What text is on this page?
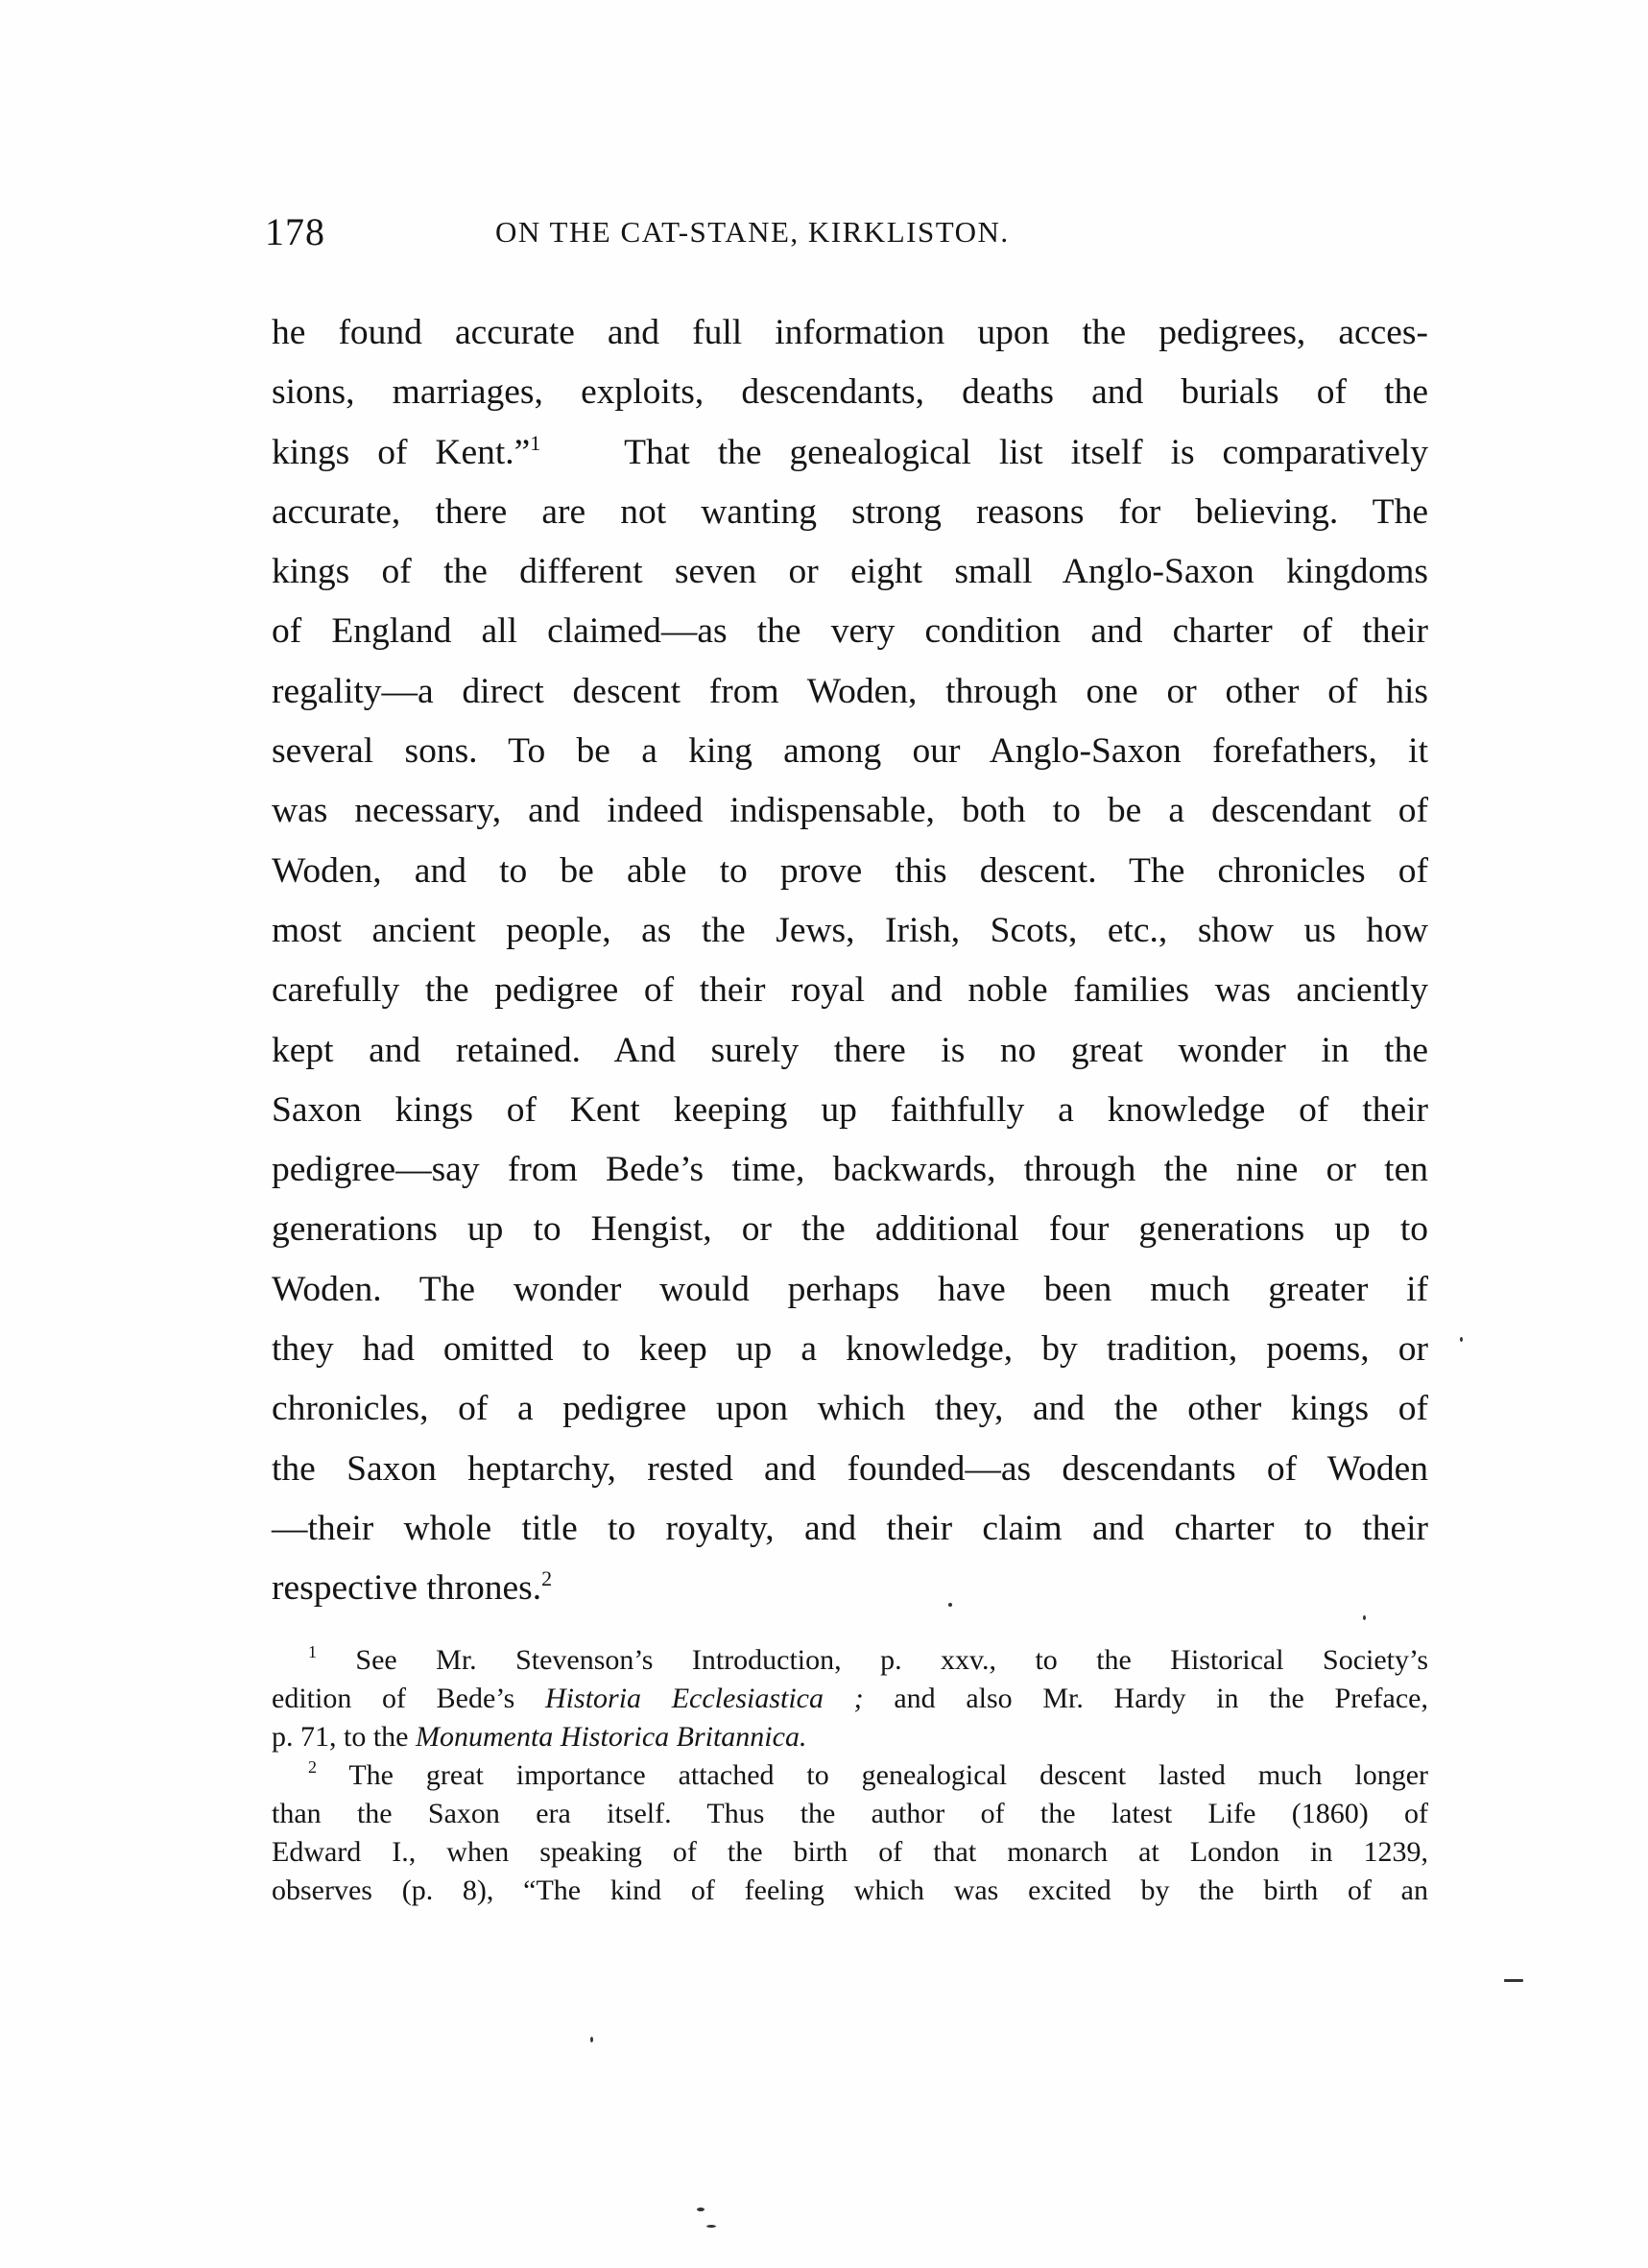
178	ON THE CAT-STANE, KIRKLISTON.
he found accurate and full information upon the pedigrees, acces-
sions, marriages, exploits, descendants, deaths and burials of the
kings of Kent.”$^1$ That the genealogical list itself is comparatively
accurate, there are not wanting strong reasons for believing. The
kings of the different seven or eight small Anglo-Saxon kingdoms
of England all claimed—as the very condition and charter of their
regality—a direct descent from Woden, through one or other of his
several sons. To be a king among our Anglo-Saxon forefathers, it
was necessary, and indeed indispensable, both to be a descendant of
Woden, and to be able to prove this descent. The chronicles of
most ancient people, as the Jews, Irish, Scots, etc., show us how
carefully the pedigree of their royal and noble families was anciently
kept and retained. And surely there is no great wonder in the
Saxon kings of Kent keeping up faithfully a knowledge of their
pedigree—say from Bede’s time, backwards, through the nine or ten
generations up to Hengist, or the additional four generations up to
Woden. The wonder would perhaps have been much greater if
they had omitted to keep up a knowledge, by tradition, poems, or
chronicles, of a pedigree upon which they, and the other kings of
the Saxon heptarchy, rested and founded—as descendants of Woden
—their whole title to royalty, and their claim and charter to their
respective thrones.$^2$
$^1$ See Mr. Stevenson’s Introduction, p. xxv., to the Historical Society’s
edition of Bede’s Historia Ecclesiastica ; and also Mr. Hardy in the Preface,
p. 71, to the Monumenta Historica Britannica.
$^2$ The great importance attached to genealogical descent lasted much longer
than the Saxon era itself. Thus the author of the latest Life (1860) of
Edward I., when speaking of the birth of that monarch at London in 1239,
observes (p. 8), “The kind of feeling which was excited by the birth of an
